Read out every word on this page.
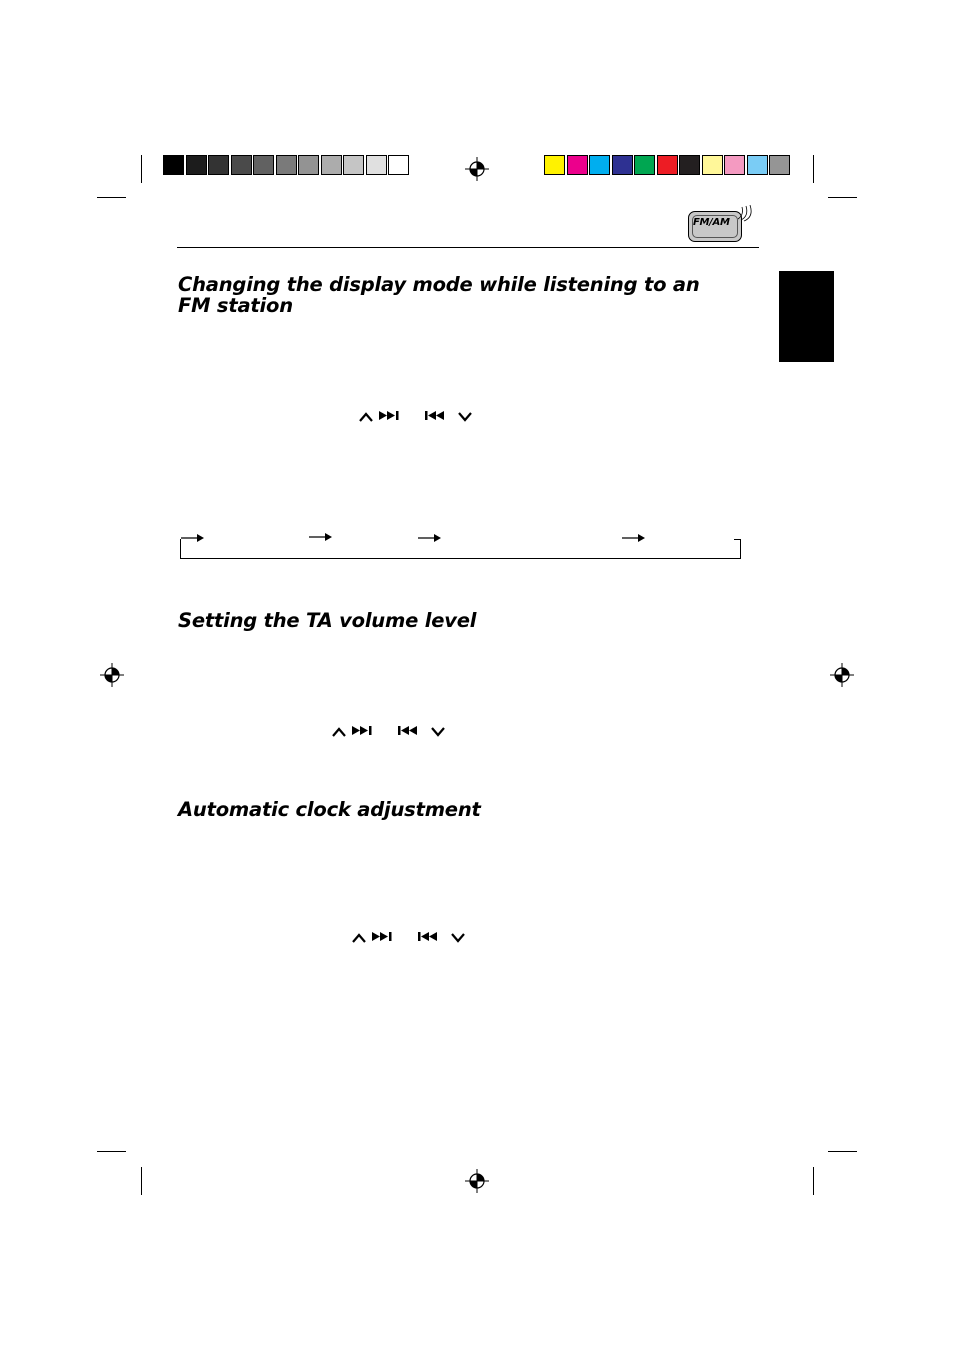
FM/AM
Changing the display mode while listening to an FM station
Setting the TA volume level
Automatic clock adjustment
